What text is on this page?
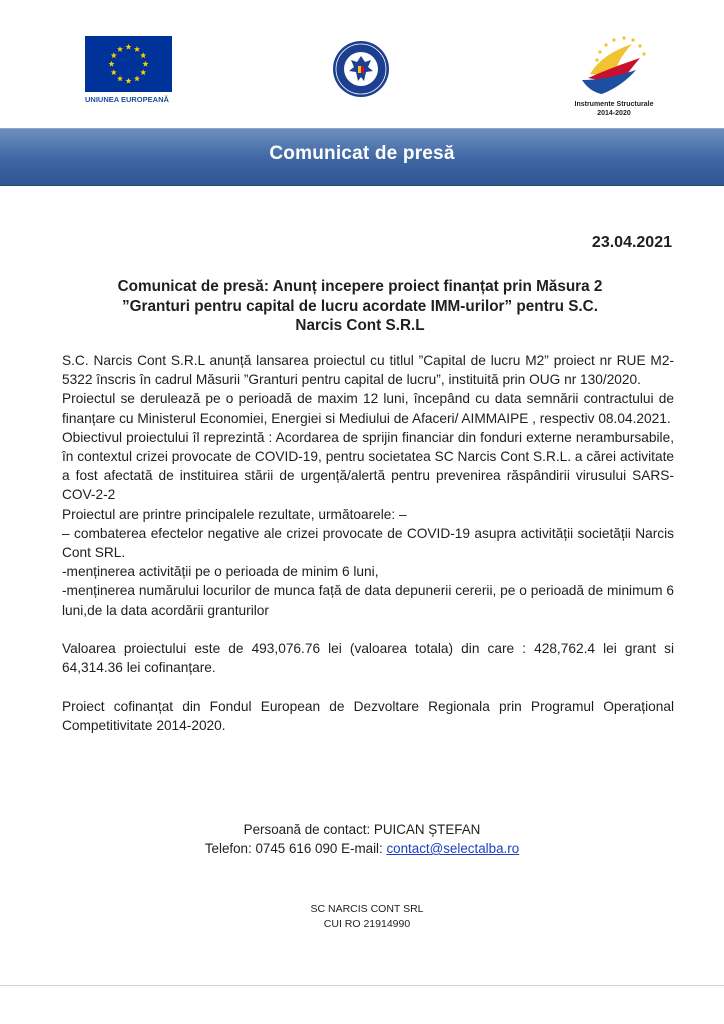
UNIUNEA EUROPEANĂ
Instrumente Structurale
2014-2020
Comunicat de presă
23.04.2021
Comunicat de presă: Anunț incepere proiect finanțat prin Măsura 2
”Granturi pentru capital de lucru acordate IMM-urilor” pentru S.C.
Narcis Cont S.R.L

S.C. Narcis Cont S.R.L anunță lansarea proiectul cu titlul ”Capital de lucru M2” proiect nr RUE M2- 5322 înscris în cadrul Măsurii ”Granturi pentru capital de lucru”, instituită prin OUG nr 130/2020.

Proiectul se derulează pe o perioadă de maxim 12 luni, începând cu data semnării contractului de finanțare cu Ministerul Economiei, Energiei si Mediului de Afaceri/ AIMMAIPE , respectiv 08.04.2021.

Obiectivul proiectului îl reprezintă : Acordarea de sprijin financiar din fonduri externe nerambursabile, în contextul crizei provocate de COVID-19, pentru societatea SC Narcis Cont S.R.L. a cărei activitate a fost afectată de instituirea stării de urgență/alertă pentru prevenirea răspândirii virusului SARS-COV-2-2

Proiectul are printre principalele rezultate, următoarele: –

– combaterea efectelor negative ale crizei provocate de COVID-19 asupra activității societății Narcis Cont SRL.

-menținerea activității pe o perioada de minim 6 luni,

-menținerea numărului locurilor de munca față de data depunerii cererii, pe o perioadă de minimum 6 luni,de la data acordării granturilor

Valoarea proiectului este de 493,076.76 lei (valoarea totala) din care : 428,762.4 lei grant si 64,314.36 lei cofinanțare.

Proiect cofinanțat din Fondul European de Dezvoltare Regionala prin Programul Operațional Competitivitate 2014-2020.

Persoană de contact: PUICAN ȘTEFAN
Telefon: 0745 616 090 E-mail: contact@selectalba.ro
SC NARCIS CONT SRL
CUI RO 21914990
